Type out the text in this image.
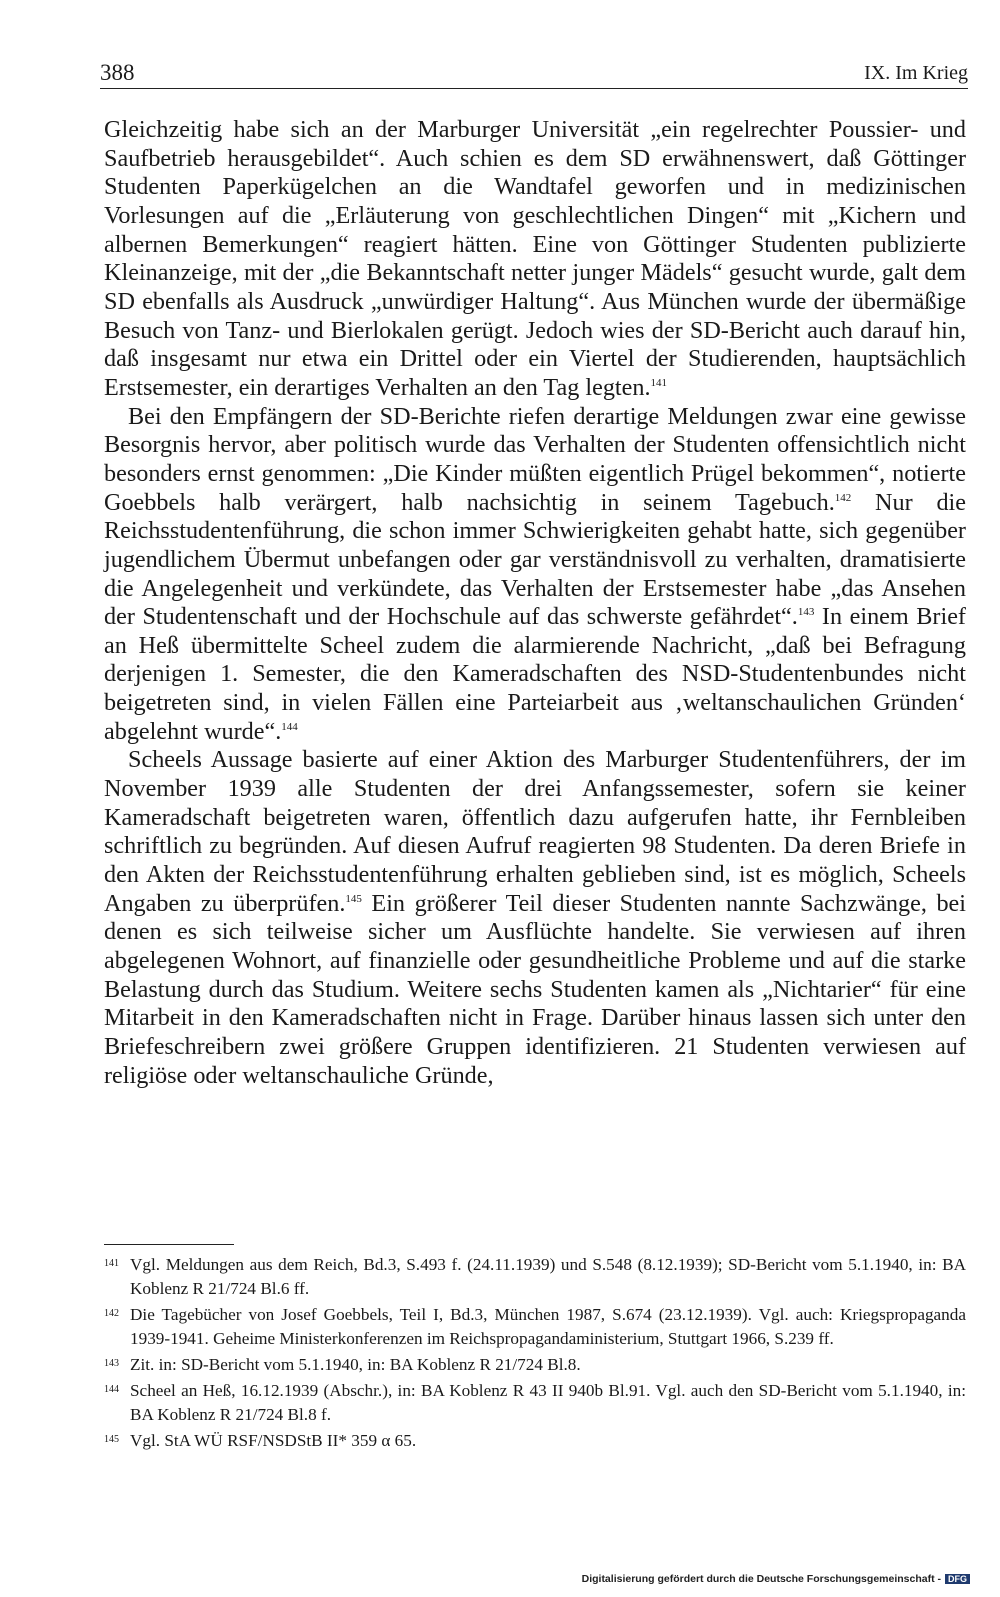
388	IX. Im Krieg

Gleichzeitig habe sich an der Marburger Universität „ein regelrechter Poussier- und Saufbetrieb herausgebildet“. Auch schien es dem SD erwähnenswert, daß Göttinger Studenten Paperkügelchen an die Wandtafel geworfen und in medizinischen Vorlesungen auf die „Erläuterung von geschlechtlichen Dingen“ mit „Kichern und albernen Bemerkungen“ reagiert hätten. Eine von Göttinger Studenten publizierte Kleinanzeige, mit der „die Bekanntschaft netter junger Mädels“ gesucht wurde, galt dem SD ebenfalls als Ausdruck „unwürdiger Haltung“. Aus München wurde der übermäßige Besuch von Tanz- und Bierlokalen gerügt. Jedoch wies der SD-Bericht auch darauf hin, daß insgesamt nur etwa ein Drittel oder ein Viertel der Studierenden, hauptsächlich Erstsemester, ein derartiges Verhalten an den Tag legten.$^{141}$

Bei den Empfängern der SD-Berichte riefen derartige Meldungen zwar eine gewisse Besorgnis hervor, aber politisch wurde das Verhalten der Studenten offensichtlich nicht besonders ernst genommen: „Die Kinder müßten eigentlich Prügel bekommen“, notierte Goebbels halb verärgert, halb nachsichtig in seinem Tagebuch.$^{142}$ Nur die Reichsstudentenführung, die schon immer Schwierigkeiten gehabt hatte, sich gegenüber jugendlichem Übermut unbefangen oder gar verständnisvoll zu verhalten, dramatisierte die Angelegenheit und verkündete, das Verhalten der Erstsemester habe „das Ansehen der Studentenschaft und der Hochschule auf das schwerste gefährdet“.$^{143}$ In einem Brief an Heß übermittelte Scheel zudem die alarmierende Nachricht, „daß bei Befragung derjenigen 1. Semester, die den Kameradschaften des NSD-Studentenbundes nicht beigetreten sind, in vielen Fällen eine Parteiarbeit aus ‚weltanschaulichen Gründen‘ abgelehnt wurde“.$^{144}$

Scheels Aussage basierte auf einer Aktion des Marburger Studentenführers, der im November 1939 alle Studenten der drei Anfangssemester, sofern sie keiner Kameradschaft beigetreten waren, öffentlich dazu aufgerufen hatte, ihr Fernbleiben schriftlich zu begründen. Auf diesen Aufruf reagierten 98 Studenten. Da deren Briefe in den Akten der Reichsstudentenführung erhalten geblieben sind, ist es möglich, Scheels Angaben zu überprüfen.$^{145}$ Ein größerer Teil dieser Studenten nannte Sachzwänge, bei denen es sich teilweise sicher um Ausflüchte handelte. Sie verwiesen auf ihren abgelegenen Wohnort, auf finanzielle oder gesundheitliche Probleme und auf die starke Belastung durch das Studium. Weitere sechs Studenten kamen als „Nichtarier“ für eine Mitarbeit in den Kameradschaften nicht in Frage. Darüber hinaus lassen sich unter den Briefeschreibern zwei größere Gruppen identifizieren. 21 Studenten verwiesen auf religiöse oder weltanschauliche Gründe,

141 Vgl. Meldungen aus dem Reich, Bd.3, S.493 f. (24.11.1939) und S.548 (8.12.1939); SD-Bericht vom 5.1.1940, in: BA Koblenz R 21/724 Bl.6 ff.
142 Die Tagebücher von Josef Goebbels, Teil I, Bd.3, München 1987, S.674 (23.12.1939). Vgl. auch: Kriegspropaganda 1939-1941. Geheime Ministerkonferenzen im Reichspropagandaministerium, Stuttgart 1966, S.239 ff.
143 Zit. in: SD-Bericht vom 5.1.1940, in: BA Koblenz R 21/724 Bl.8.
144 Scheel an Heß, 16.12.1939 (Abschr.), in: BA Koblenz R 43 II 940b Bl.91. Vgl. auch den SD-Bericht vom 5.1.1940, in: BA Koblenz R 21/724 Bl.8 f.
145 Vgl. StA WÜ RSF/NSDStB II* 359 α 65.
Digitalisierung gefördert durch die Deutsche Forschungsgemeinschaft - DFG
